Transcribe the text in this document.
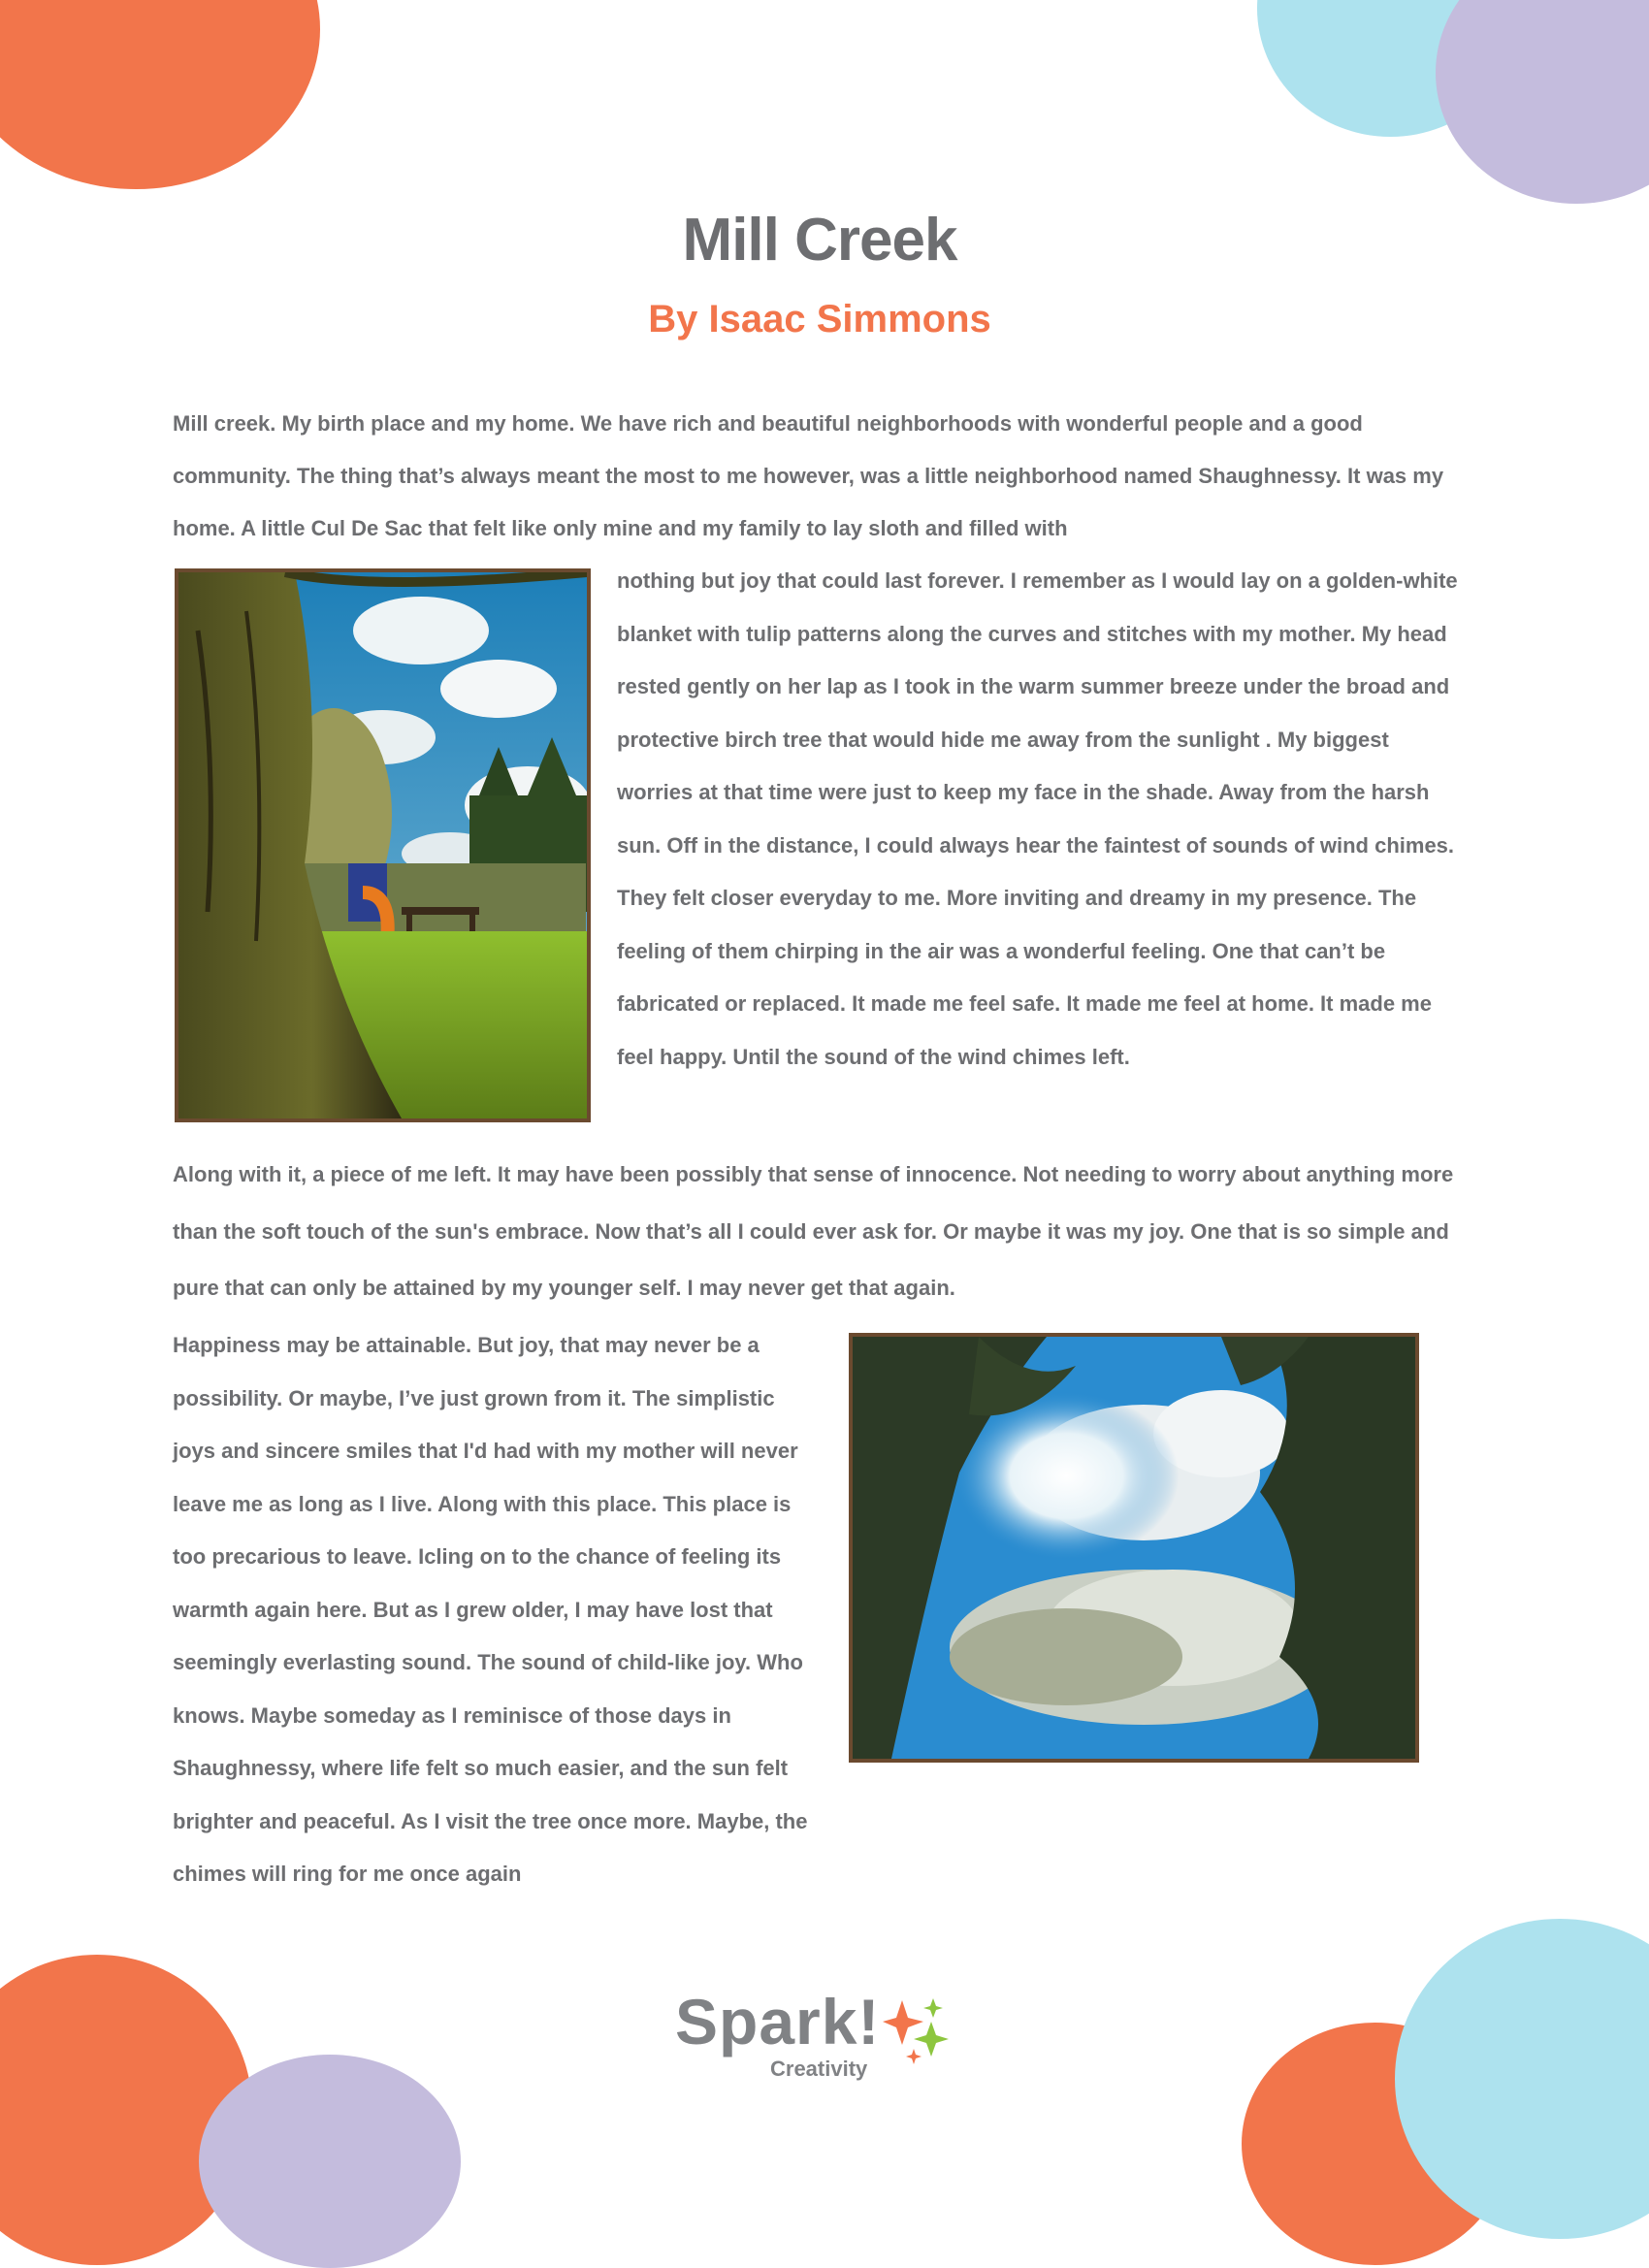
Mill Creek
By Isaac Simmons

Mill creek. My birth place and my home. We have rich and beautiful neighborhoods with wonderful people and a good community. The thing that’s always meant the most to me however, was a little neighborhood named Shaughnessy. It was my home. A little Cul De Sac that felt like only mine and my family to lay sloth and filled with

nothing but joy that could last forever. I remember as I would lay on a golden-white blanket with tulip patterns along the curves and stitches with my mother. My head rested gently on her lap as I took in the warm summer breeze under the broad and protective birch tree that would hide me away from the sunlight . My biggest worries at that time were just to keep my face in the shade. Away from the harsh sun. Off in the distance, I could always hear the faintest of sounds of wind chimes. They felt closer everyday to me. More inviting and dreamy in my presence. The feeling of them chirping in the air was a wonderful feeling. One that can’t be fabricated or replaced. It made me feel safe. It made me feel at home. It made me feel happy. Until the sound of the wind chimes left.

Along with it, a piece of me left. It may have been possibly that sense of innocence. Not needing to worry about anything more than the soft touch of the sun's embrace. Now that’s all I could ever ask for. Or maybe it was my joy. One that is so simple and pure that can only be attained by my younger self. I may never get that again.

Happiness may be attainable. But joy, that may never be a possibility. Or maybe, I’ve just grown from it. The simplistic joys and sincere smiles that I'd had with my mother will never leave me as long as I live. Along with this place. This place is too precarious to leave. Icling on to the chance of feeling its warmth again here. But as I grew older, I may have lost that seemingly everlasting sound. The sound of child-like joy. Who knows. Maybe someday as I reminisce of those days in Shaughnessy, where life felt so much easier, and the sun felt brighter and peaceful. As I visit the tree once more. Maybe, the chimes will ring for me once again

Spark!
Creativity
